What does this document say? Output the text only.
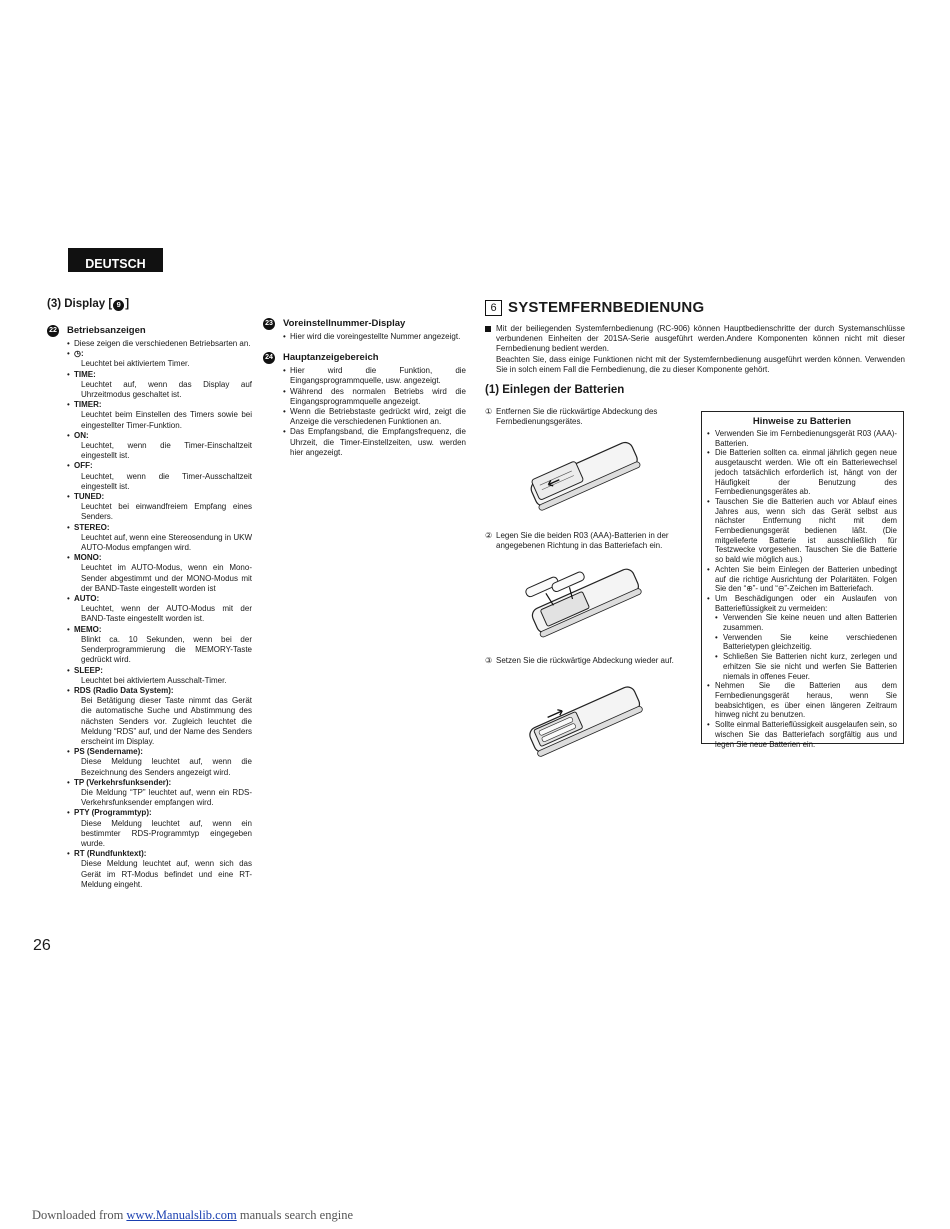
DEUTSCH
(3) Display [ 9 ]
22 Betriebsanzeigen
• Diese zeigen die verschiedenen Betriebsarten an.
• ◷:
Leuchtet bei aktiviertem Timer.
• TIME:
Leuchtet auf, wenn das Display auf Uhrzeitmodus geschaltet ist.
• TIMER:
Leuchtet beim Einstellen des Timers sowie bei eingestellter Timer-Funktion.
• ON:
Leuchtet, wenn die Timer-Einschaltzeit eingestellt ist.
• OFF:
Leuchtet, wenn die Timer-Ausschaltzeit eingestellt ist.
• TUNED:
Leuchtet bei einwandfreiem Empfang eines Senders.
• STEREO:
Leuchtet auf, wenn eine Stereosendung in UKW AUTO-Modus empfangen wird.
• MONO:
Leuchtet im AUTO-Modus, wenn ein Mono-Sender abgestimmt und der MONO-Modus mit der BAND-Taste eingestellt worden ist
• AUTO:
Leuchtet, wenn der AUTO-Modus mit der BAND-Taste eingestellt worden ist.
• MEMO:
Blinkt ca. 10 Sekunden, wenn bei der Senderprogrammierung die MEMORY-Taste gedrückt wird.
• SLEEP:
Leuchtet bei aktiviertem Ausschalt-Timer.
• RDS (Radio Data System):
Bei Betätigung dieser Taste nimmt das Gerät die automatische Suche und Abstimmung des nächsten Senders vor. Zugleich leuchtet die Meldung “RDS” auf, und der Name des Senders erscheint im Display.
• PS (Sendername):
Diese Meldung leuchtet auf, wenn die Bezeichnung des Senders angezeigt wird.
• TP (Verkehrsfunksender):
Die Meldung “TP” leuchtet auf, wenn ein RDS-Verkehrsfunksender empfangen wird.
• PTY (Programmtyp):
Diese Meldung leuchtet auf, wenn ein bestimmter RDS-Programmtyp eingegeben wurde.
• RT (Rundfunktext):
Diese Meldung leuchtet auf, wenn sich das Gerät im RT-Modus befindet und eine RT-Meldung eingeht.
23 Voreinstellnummer-Display
• Hier wird die voreingestellte Nummer angezeigt.
24 Hauptanzeigebereich
• Hier wird die Funktion, die Eingangsprogrammquelle, usw. angezeigt.
• Während des normalen Betriebs wird die Eingangsprogrammquelle angezeigt.
• Wenn die Betriebstaste gedrückt wird, zeigt die Anzeige die verschiedenen Funktionen an.
• Das Empfangsband, die Empfangsfrequenz, die Uhrzeit, die Timer-Einstellzeiten, usw. werden hier angezeigt.
6 SYSTEMFERNBEDIENUNG

Mit der beiliegenden Systemfernbedienung (RC-906) können Hauptbedienschritte der durch Systemanschlüsse verbundenen Einheiten der 201SA-Serie ausgeführt werden.Andere Komponenten können nicht mit dieser Fernbedienung bedient werden.

Beachten Sie, dass einige Funktionen nicht mit der Systemfernbedienung ausgeführt werden können. Verwenden Sie in solch einem Fall die Fernbedienung, die zu dieser Komponente gehört.

(1) Einlegen der Batterien
① Entfernen Sie die rückwärtige Abdeckung des Fernbedienungsgerätes.

② Legen Sie die beiden R03 (AAA)-Batterien in der angegebenen Richtung in das Batteriefach ein.

③ Setzen Sie die rückwärtige Abdeckung wieder auf.

Hinweise zu Batterien
• Verwenden Sie im Fernbedienungsgerät R03 (AAA)-Batterien.
• Die Batterien sollten ca. einmal jährlich gegen neue ausgetauscht werden. Wie oft ein Batteriewechsel jedoch tatsächlich erforderlich ist, hängt von der Häufigkeit der Benutzung des Fernbedienungsgerätes ab.
• Tauschen Sie die Batterien auch vor Ablauf eines Jahres aus, wenn sich das Gerät selbst aus nächster Entfernung nicht mit dem Fernbedienungsgerät bedienen läßt. (Die mitgelieferte Batterie ist ausschließlich für Testzwecke vorgesehen. Tauschen Sie die Batterie so bald wie möglich aus.)
• Achten Sie beim Einlegen der Batterien unbedingt auf die richtige Ausrichtung der Polaritäten. Folgen Sie den “⊕”- und “⊖”-Zeichen im Batteriefach.
• Um Beschädigungen oder ein Auslaufen von Batterieflüssigkeit zu vermeiden:
• Verwenden Sie keine neuen und alten Batterien zusammen.
• Verwenden Sie keine verschiedenen Batterietypen gleichzeitig.
• Schließen Sie Batterien nicht kurz, zerlegen und erhitzen Sie sie nicht und werfen Sie Batterien niemals in offenes Feuer.
• Nehmen Sie die Batterien aus dem Fernbedienungsgerät heraus, wenn Sie beabsichtigen, es über einen längeren Zeitraum hinweg nicht zu benutzen.
• Sollte einmal Batterieflüssigkeit ausgelaufen sein, so wischen Sie das Batteriefach sorgfältig aus und legen Sie neue Batterien ein.
26
Downloaded from www.Manualslib.com manuals search engine
